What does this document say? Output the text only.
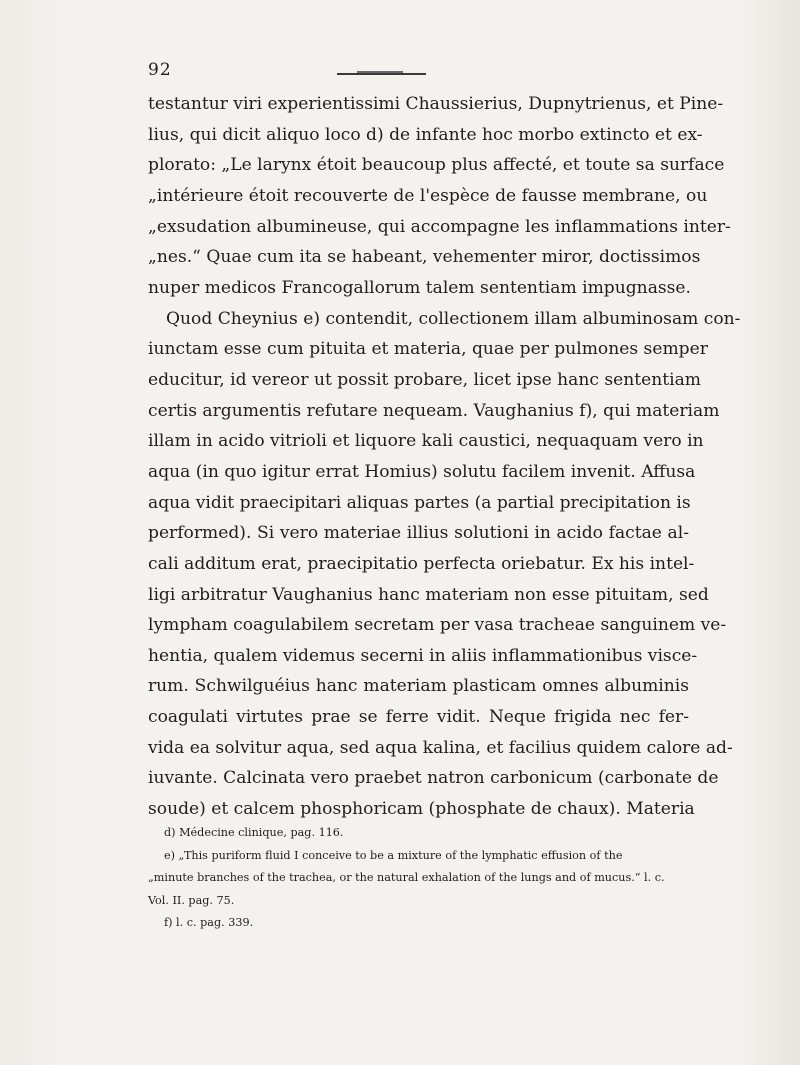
92
testantur viri experientissimi Chaussierius, Dupnytrienus, et Pine-
lius, qui dicit aliquo loco d) de infante hoc morbo extincto et ex-
plorato: „Le larynx étoit beaucoup plus affecté, et toute sa surface
„intérieure étoit recouverte de l'espèce de fausse membrane, ou
„exsudation albumineuse, qui accompagne les inflammations inter-
„nes.“ Quae cum ita se habeant, vehementer miror, doctissimos
nuper medicos Francogallorum talem sententiam impugnasse.
Quod Cheynius e) contendit, collectionem illam albuminosam con-
iunctam esse cum pituita et materia, quae per pulmones semper
educitur, id vereor ut possit probare, licet ipse hanc sententiam
certis argumentis refutare nequeam. Vaughanius f), qui materiam
illam in acido vitrioli et liquore kali caustici, nequaquam vero in
aqua (in quo igitur errat Homius) solutu facilem invenit. Affusa
aqua vidit praecipitari aliquas partes (a partial precipitation is
performed). Si vero materiae illius solutioni in acido factae al-
cali additum erat, praecipitatio perfecta oriebatur. Ex his intel-
ligi arbitratur Vaughanius hanc materiam non esse pituitam, sed
lympham coagulabilem secretam per vasa tracheae sanguinem ve-
hentia, qualem videmus secerni in aliis inflammationibus visce-
rum. Schwilguéius hanc materiam plasticam omnes albuminis
coagulati virtutes prae se ferre vidit. Neque frigida nec fer-
vida ea solvitur aqua, sed aqua kalina, et facilius quidem calore ad-
iuvante. Calcinata vero praebet natron carbonicum (carbonate de
soude) et calcem phosphoricam (phosphate de chaux). Materia
d) Médecine clinique, pag. 116.
e) „This puriform fluid I conceive to be a mixture of the lymphatic effusion of the
„minute branches of the trachea, or the natural exhalation of the lungs and of mucus.“ l. c.
Vol. II. pag. 75.
f) l. c. pag. 339.
